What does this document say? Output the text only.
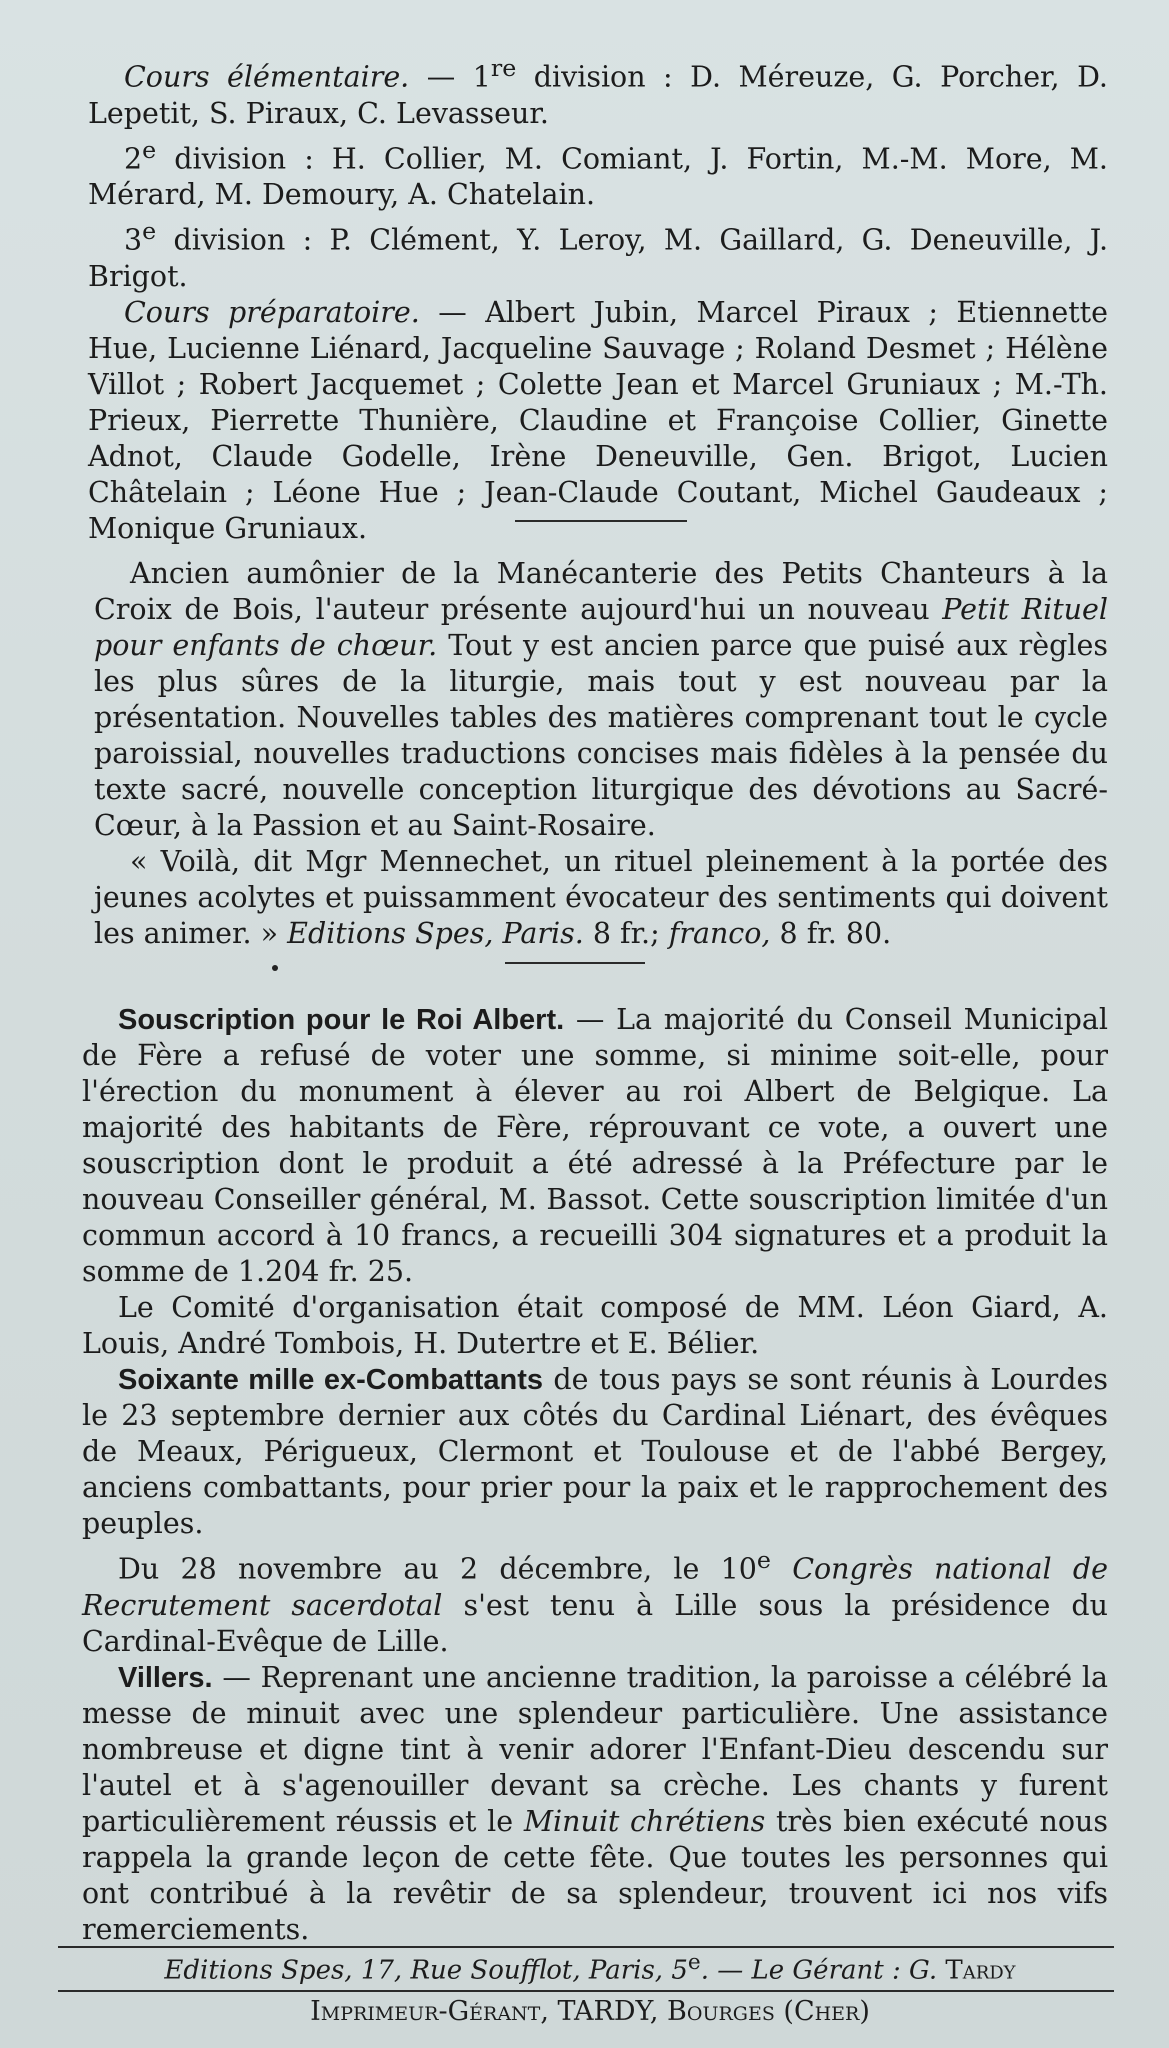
Cours élémentaire. — 1re division : D. Méreuze, G. Porcher, D. Lepetit, S. Piraux, C. Levasseur.

2e division : H. Collier, M. Comiant, J. Fortin, M.-M. More, M. Mérard, M. Demoury, A. Chatelain.

3e division : P. Clément, Y. Leroy, M. Gaillard, G. Deneuville, J. Brigot.

Cours préparatoire. — Albert Jubin, Marcel Piraux ; Etiennette Hue, Lucienne Liénard, Jacqueline Sauvage ; Roland Desmet ; Hélène Villot ; Robert Jacquemet ; Colette Jean et Marcel Gruniaux ; M.-Th. Prieux, Pierrette Thunière, Claudine et Françoise Collier, Ginette Adnot, Claude Godelle, Irène Deneuville, Gen. Brigot, Lucien Châtelain ; Léone Hue ; Jean-Claude Coutant, Michel Gaudeaux ; Monique Gruniaux.

Ancien aumônier de la Manécanterie des Petits Chanteurs à la Croix de Bois, l'auteur présente aujourd'hui un nouveau Petit Rituel pour enfants de chœur. Tout y est ancien parce que puisé aux règles les plus sûres de la liturgie, mais tout y est nouveau par la présentation. Nouvelles tables des matières comprenant tout le cycle paroissial, nouvelles traductions concises mais fidèles à la pensée du texte sacré, nouvelle conception liturgique des dévotions au Sacré-Cœur, à la Passion et au Saint-Rosaire.

« Voilà, dit Mgr Mennechet, un rituel pleinement à la portée des jeunes acolytes et puissamment évocateur des sentiments qui doivent les animer. » Editions Spes, Paris. 8 fr.; franco, 8 fr. 80.

Souscription pour le Roi Albert. — La majorité du Conseil Municipal de Fère a refusé de voter une somme, si minime soit-elle, pour l'érection du monument à élever au roi Albert de Belgique. La majorité des habitants de Fère, réprouvant ce vote, a ouvert une souscription dont le produit a été adressé à la Préfecture par le nouveau Conseiller général, M. Bassot. Cette souscription limitée d'un commun accord à 10 francs, a recueilli 304 signatures et a produit la somme de 1.204 fr. 25.

Le Comité d'organisation était composé de MM. Léon Giard, A. Louis, André Tombois, H. Dutertre et E. Bélier.

Soixante mille ex-Combattants de tous pays se sont réunis à Lourdes le 23 septembre dernier aux côtés du Cardinal Liénart, des évêques de Meaux, Périgueux, Clermont et Toulouse et de l'abbé Bergey, anciens combattants, pour prier pour la paix et le rapprochement des peuples.

Du 28 novembre au 2 décembre, le 10e Congrès national de Recrutement sacerdotal s'est tenu à Lille sous la présidence du Cardinal-Evêque de Lille.

Villers. — Reprenant une ancienne tradition, la paroisse a célébré la messe de minuit avec une splendeur particulière. Une assistance nombreuse et digne tint à venir adorer l'Enfant-Dieu descendu sur l'autel et à s'agenouiller devant sa crèche. Les chants y furent particulièrement réussis et le Minuit chrétiens très bien exécuté nous rappela la grande leçon de cette fête. Que toutes les personnes qui ont contribué à la revêtir de sa splendeur, trouvent ici nos vifs remerciements.

Editions Spes, 17, Rue Soufflot, Paris, 5e. — Le Gérant : G. Tardy
Imprimeur-Gérant, TARDY, Bourges (Cher)
